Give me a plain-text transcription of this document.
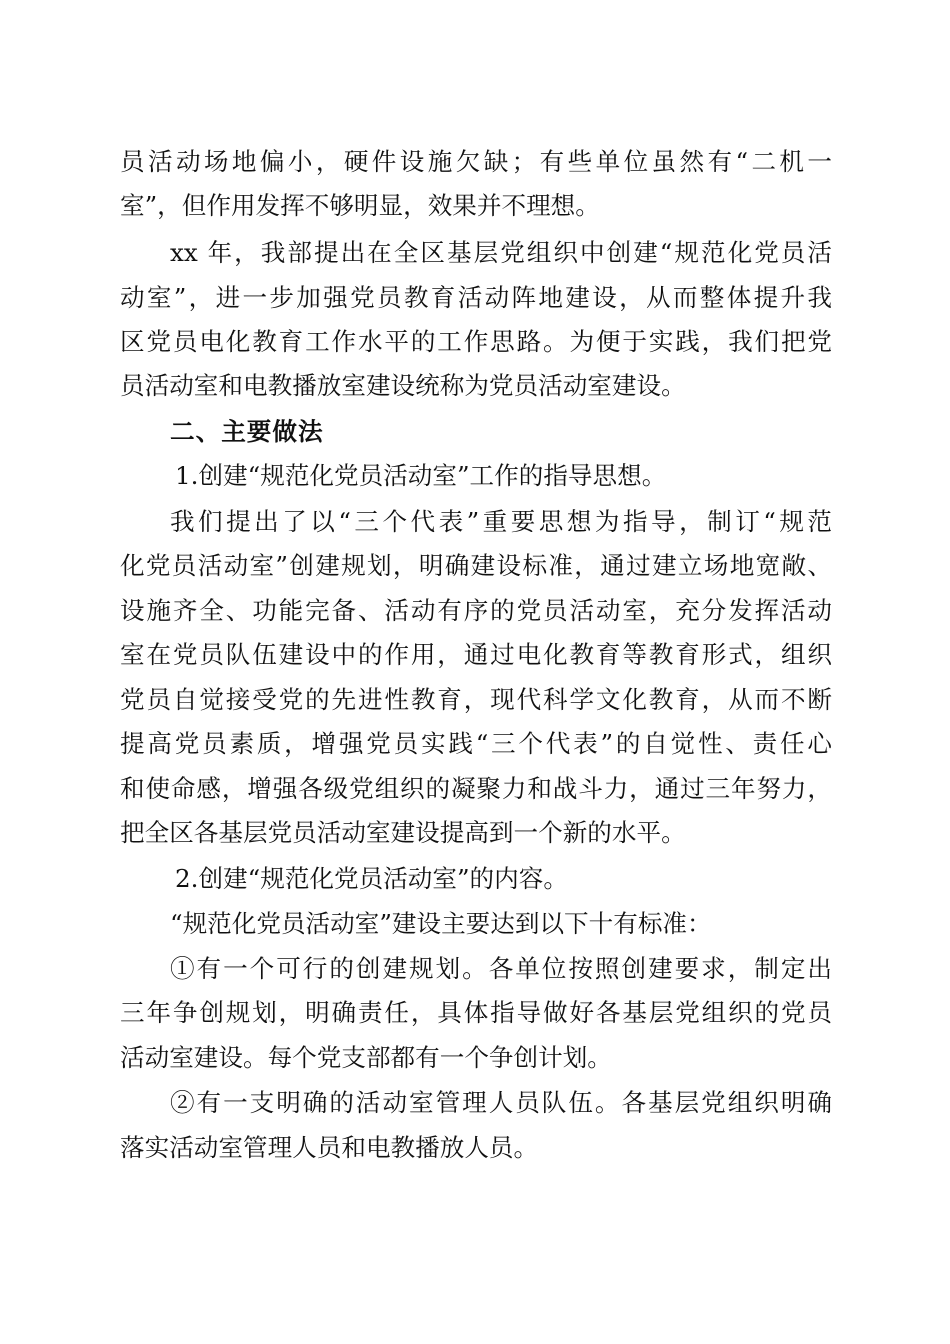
员活动场地偏小，硬件设施欠缺；有些单位虽然有“二机一
室”，但作用发挥不够明显，效果并不理想。
xx 年，我部提出在全区基层党组织中创建“规范化党员活
动室”，进一步加强党员教育活动阵地建设，从而整体提升我
区党员电化教育工作水平的工作思路。为便于实践，我们把党
员活动室和电教播放室建设统称为党员活动室建设。
二、主要做法
1.创建“规范化党员活动室”工作的指导思想。
我们提出了以“三个代表”重要思想为指导，制订“规范
化党员活动室”创建规划，明确建设标准，通过建立场地宽敞、
设施齐全、功能完备、活动有序的党员活动室，充分发挥活动
室在党员队伍建设中的作用，通过电化教育等教育形式，组织
党员自觉接受党的先进性教育，现代科学文化教育，从而不断
提高党员素质，增强党员实践“三个代表”的自觉性、责任心
和使命感，增强各级党组织的凝聚力和战斗力，通过三年努力，
把全区各基层党员活动室建设提高到一个新的水平。
2.创建“规范化党员活动室”的内容。
“规范化党员活动室”建设主要达到以下十有标准：
①有一个可行的创建规划。各单位按照创建要求，制定出
三年争创规划，明确责任，具体指导做好各基层党组织的党员
活动室建设。每个党支部都有一个争创计划。
②有一支明确的活动室管理人员队伍。各基层党组织明确
落实活动室管理人员和电教播放人员。
